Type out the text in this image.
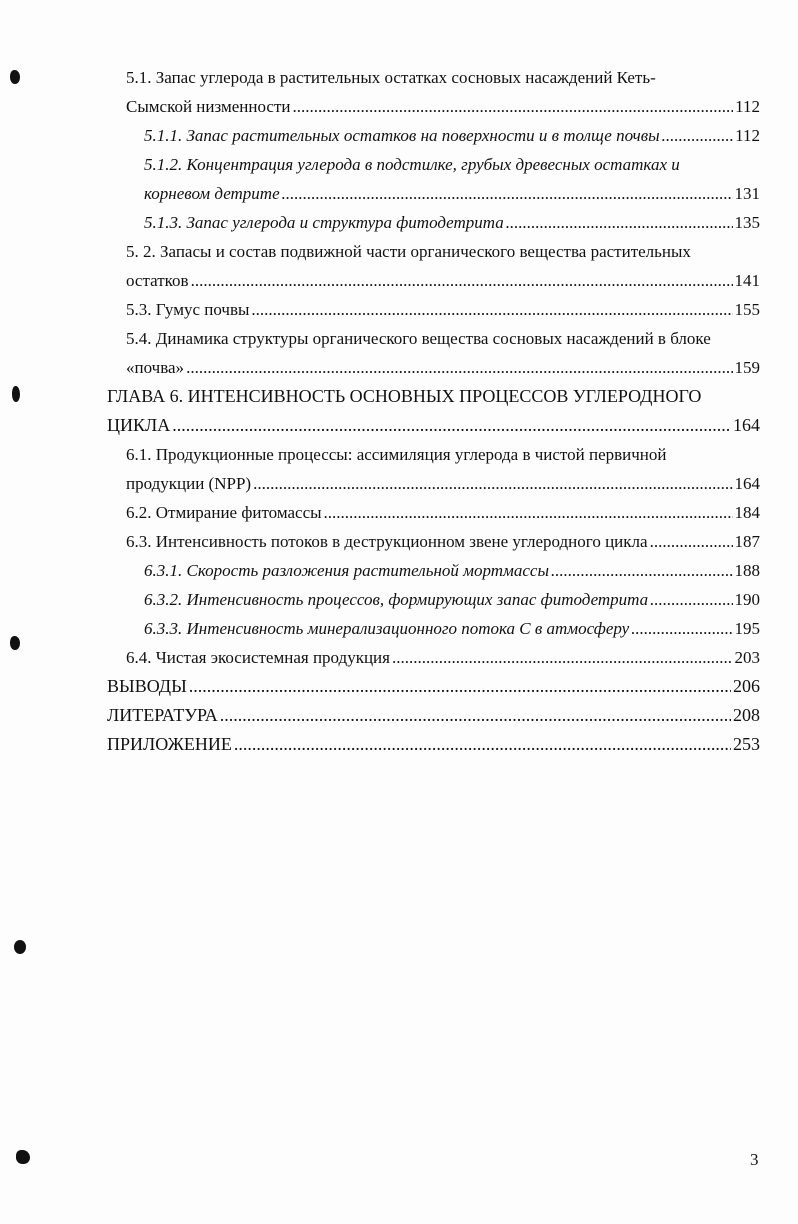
5.1. Запас углерода в растительных остатках сосновых насаждений Кеть-
Сымской низменности .....	112
5.1.1. Запас растительных остатков на поверхности и в толще почвы .....	112
5.1.2. Концентрация углерода в подстилке, грубых древесных остатках и
корневом детрите .....	131
5.1.3. Запас углерода и структура фитодетрита .....	135
5. 2. Запасы и состав подвижной части органического вещества растительных
остатков .....	141
5.3. Гумус почвы .....	155
5.4. Динамика структуры органического вещества сосновых насаждений в блоке
«почва» .....	159
ГЛАВА 6. ИНТЕНСИВНОСТЬ ОСНОВНЫХ ПРОЦЕССОВ УГЛЕРОДНОГО
ЦИКЛА .....	164
6.1. Продукционные процессы: ассимиляция углерода в чистой первичной
продукции (NPP) .....	164
6.2. Отмирание фитомассы .....	184
6.3. Интенсивность потоков в деструкционном звене углеродного цикла .....	187
6.3.1. Скорость разложения растительной мортмассы .....	188
6.3.2. Интенсивность процессов, формирующих запас фитодетрита .....	190
6.3.3. Интенсивность минерализационного потока С в атмосферу .....	195
6.4. Чистая экосистемная продукция .....	203
ВЫВОДЫ .....	206
ЛИТЕРАТУРА .....	208
ПРИЛОЖЕНИЕ .....	253
3
